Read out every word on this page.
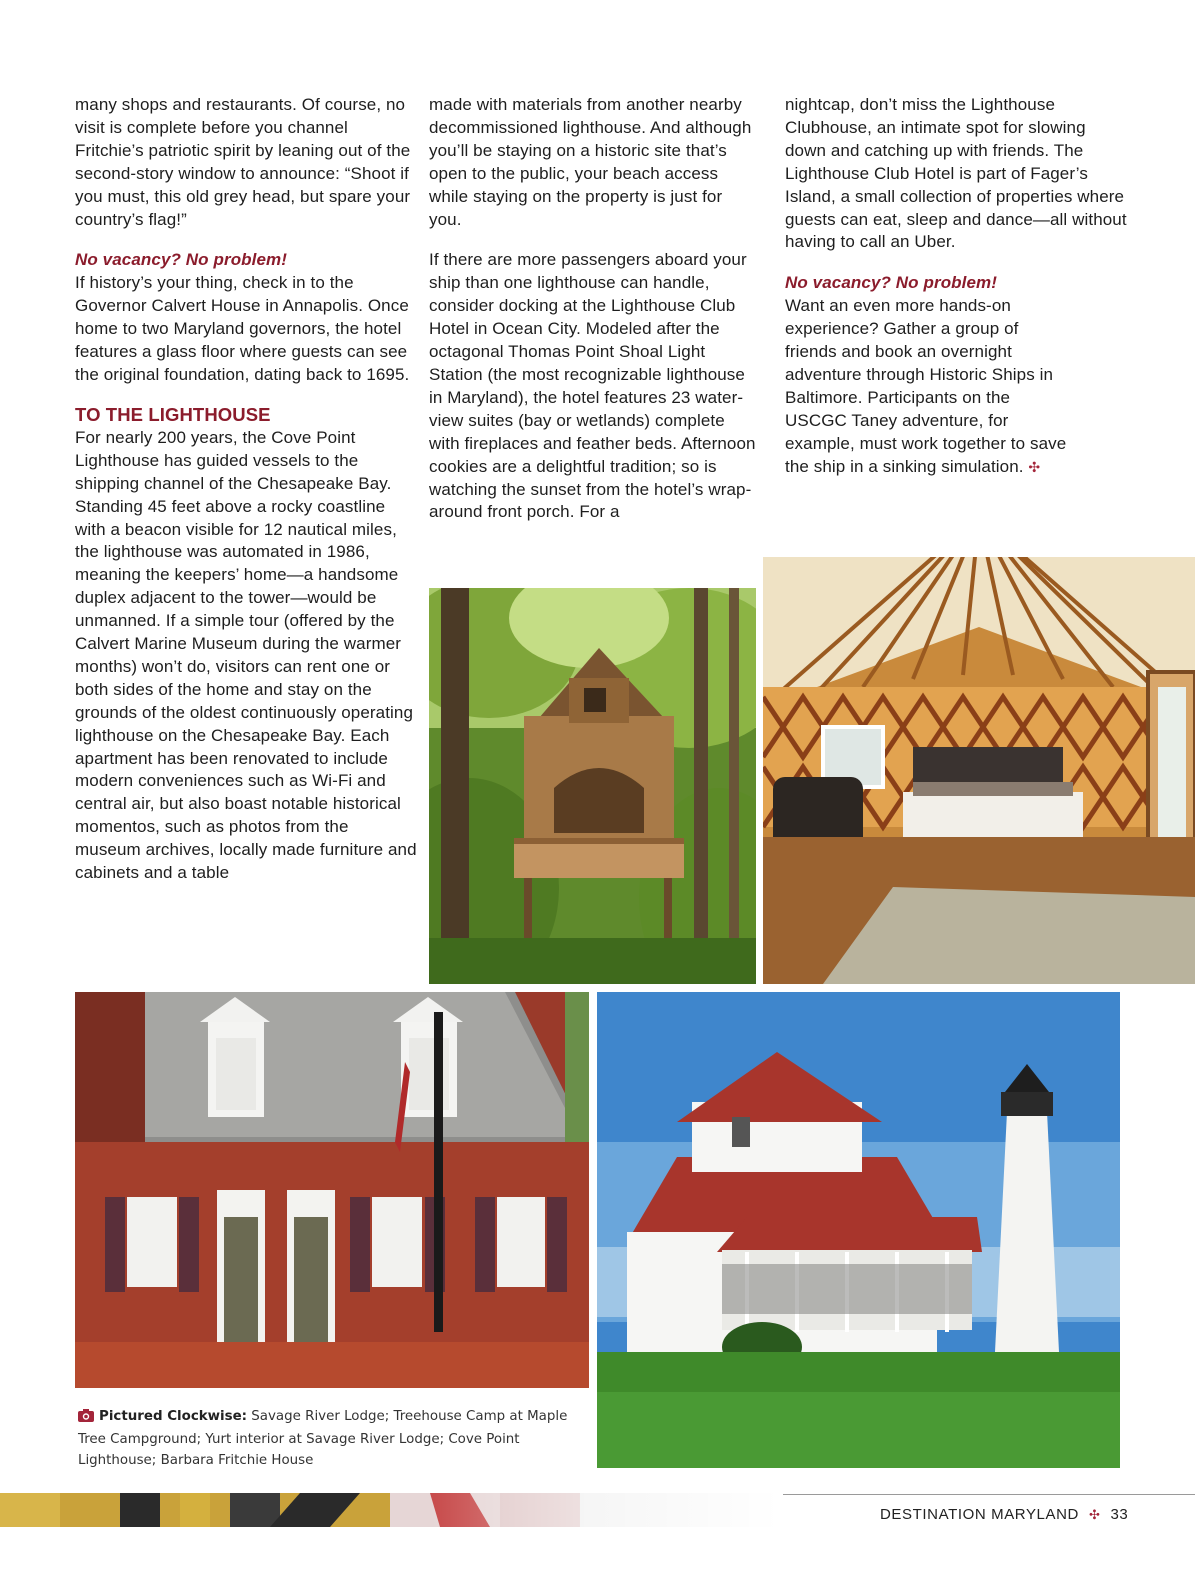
many shops and restaurants. Of course, no visit is complete before you channel Fritchie’s patriotic spirit by leaning out of the second-story window to announce: “Shoot if you must, this old grey head, but spare your country’s flag!”

No vacancy? No problem!

If history’s your thing, check in to the Governor Calvert House in Annapolis. Once home to two Maryland governors, the hotel features a glass floor where guests can see the original foundation, dating back to 1695.

TO THE LIGHTHOUSE

For nearly 200 years, the Cove Point Lighthouse has guided vessels to the shipping channel of the Chesapeake Bay. Standing 45 feet above a rocky coastline with a beacon visible for 12 nautical miles, the lighthouse was automated in 1986, meaning the keepers’ home—a handsome duplex adjacent to the tower—would be unmanned. If a simple tour (offered by the Calvert Marine Museum during the warmer months) won’t do, visitors can rent one or both sides of the home and stay on the grounds of the oldest continuously operating lighthouse on the Chesapeake Bay. Each apartment has been renovated to include modern conveniences such as Wi-Fi and central air, but also boast notable historical momentos, such as photos from the museum archives, locally made furniture and cabinets and a table

made with materials from another nearby decommissioned lighthouse. And although you’ll be staying on a historic site that’s open to the public, your beach access while staying on the property is just for you.

If there are more passengers aboard your ship than one lighthouse can handle, consider docking at the Lighthouse Club Hotel in Ocean City. Modeled after the octagonal Thomas Point Shoal Light Station (the most recognizable lighthouse in Maryland), the hotel features 23 water-view suites (bay or wetlands) complete with fireplaces and feather beds. Afternoon cookies are a delightful tradition; so is watching the sunset from the hotel’s wrap-around front porch. For a

nightcap, don’t miss the Lighthouse Clubhouse, an intimate spot for slowing down and catching up with friends. The Lighthouse Club Hotel is part of Fager’s Island, a small collection of properties where guests can eat, sleep and dance—all without having to call an Uber.

No vacancy? No problem!

Want an even more hands-on experience? Gather a group of friends and book an overnight adventure through Historic Ships in Baltimore. Participants on the USCGC Taney adventure, for example, must work together to save the ship in a sinking simulation. ✣

Pictured Clockwise: Savage River Lodge; Treehouse Camp at Maple Tree Campground; Yurt interior at Savage River Lodge; Cove Point Lighthouse; Barbara Fritchie House
DESTINATION MARYLAND ✣ 33
